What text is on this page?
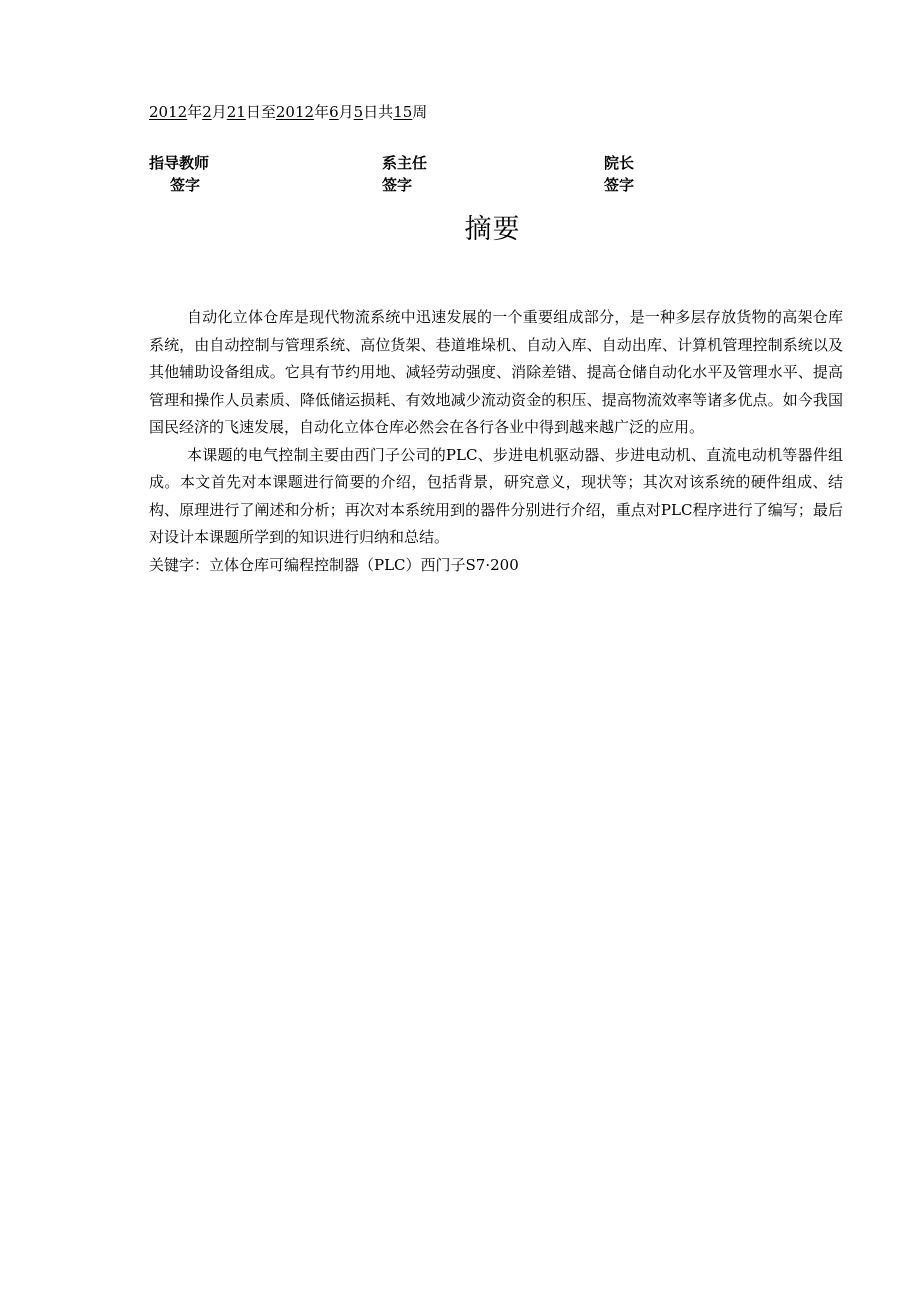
2012年2月21日至2012年6月5日共15周
指导教师
签字
系主任
签字
院长
签字
摘要

自动化立体仓库是现代物流系统中迅速发展的一个重要组成部分，是一种多层存放货物的高架仓库系统，由自动控制与管理系统、高位货架、巷道堆垛机、自动入库、自动出库、计算机管理控制系统以及其他辅助设备组成。它具有节约用地、减轻劳动强度、消除差错、提高仓储自动化水平及管理水平、提高管理和操作人员素质、降低储运损耗、有效地减少流动资金的积压、提高物流效率等诸多优点。如今我国国民经济的飞速发展，自动化立体仓库必然会在各行各业中得到越来越广泛的应用。

本课题的电气控制主要由西门子公司的PLC、步进电机驱动器、步进电动机、直流电动机等器件组成。本文首先对本课题进行简要的介绍，包括背景，研究意义，现状等；其次对该系统的硬件组成、结构、原理进行了阐述和分析；再次对本系统用到的器件分别进行介绍，重点对PLC程序进行了编写；最后对设计本课题所学到的知识进行归纳和总结。

关键字：立体仓库可编程控制器（PLC）西门子S7·200
